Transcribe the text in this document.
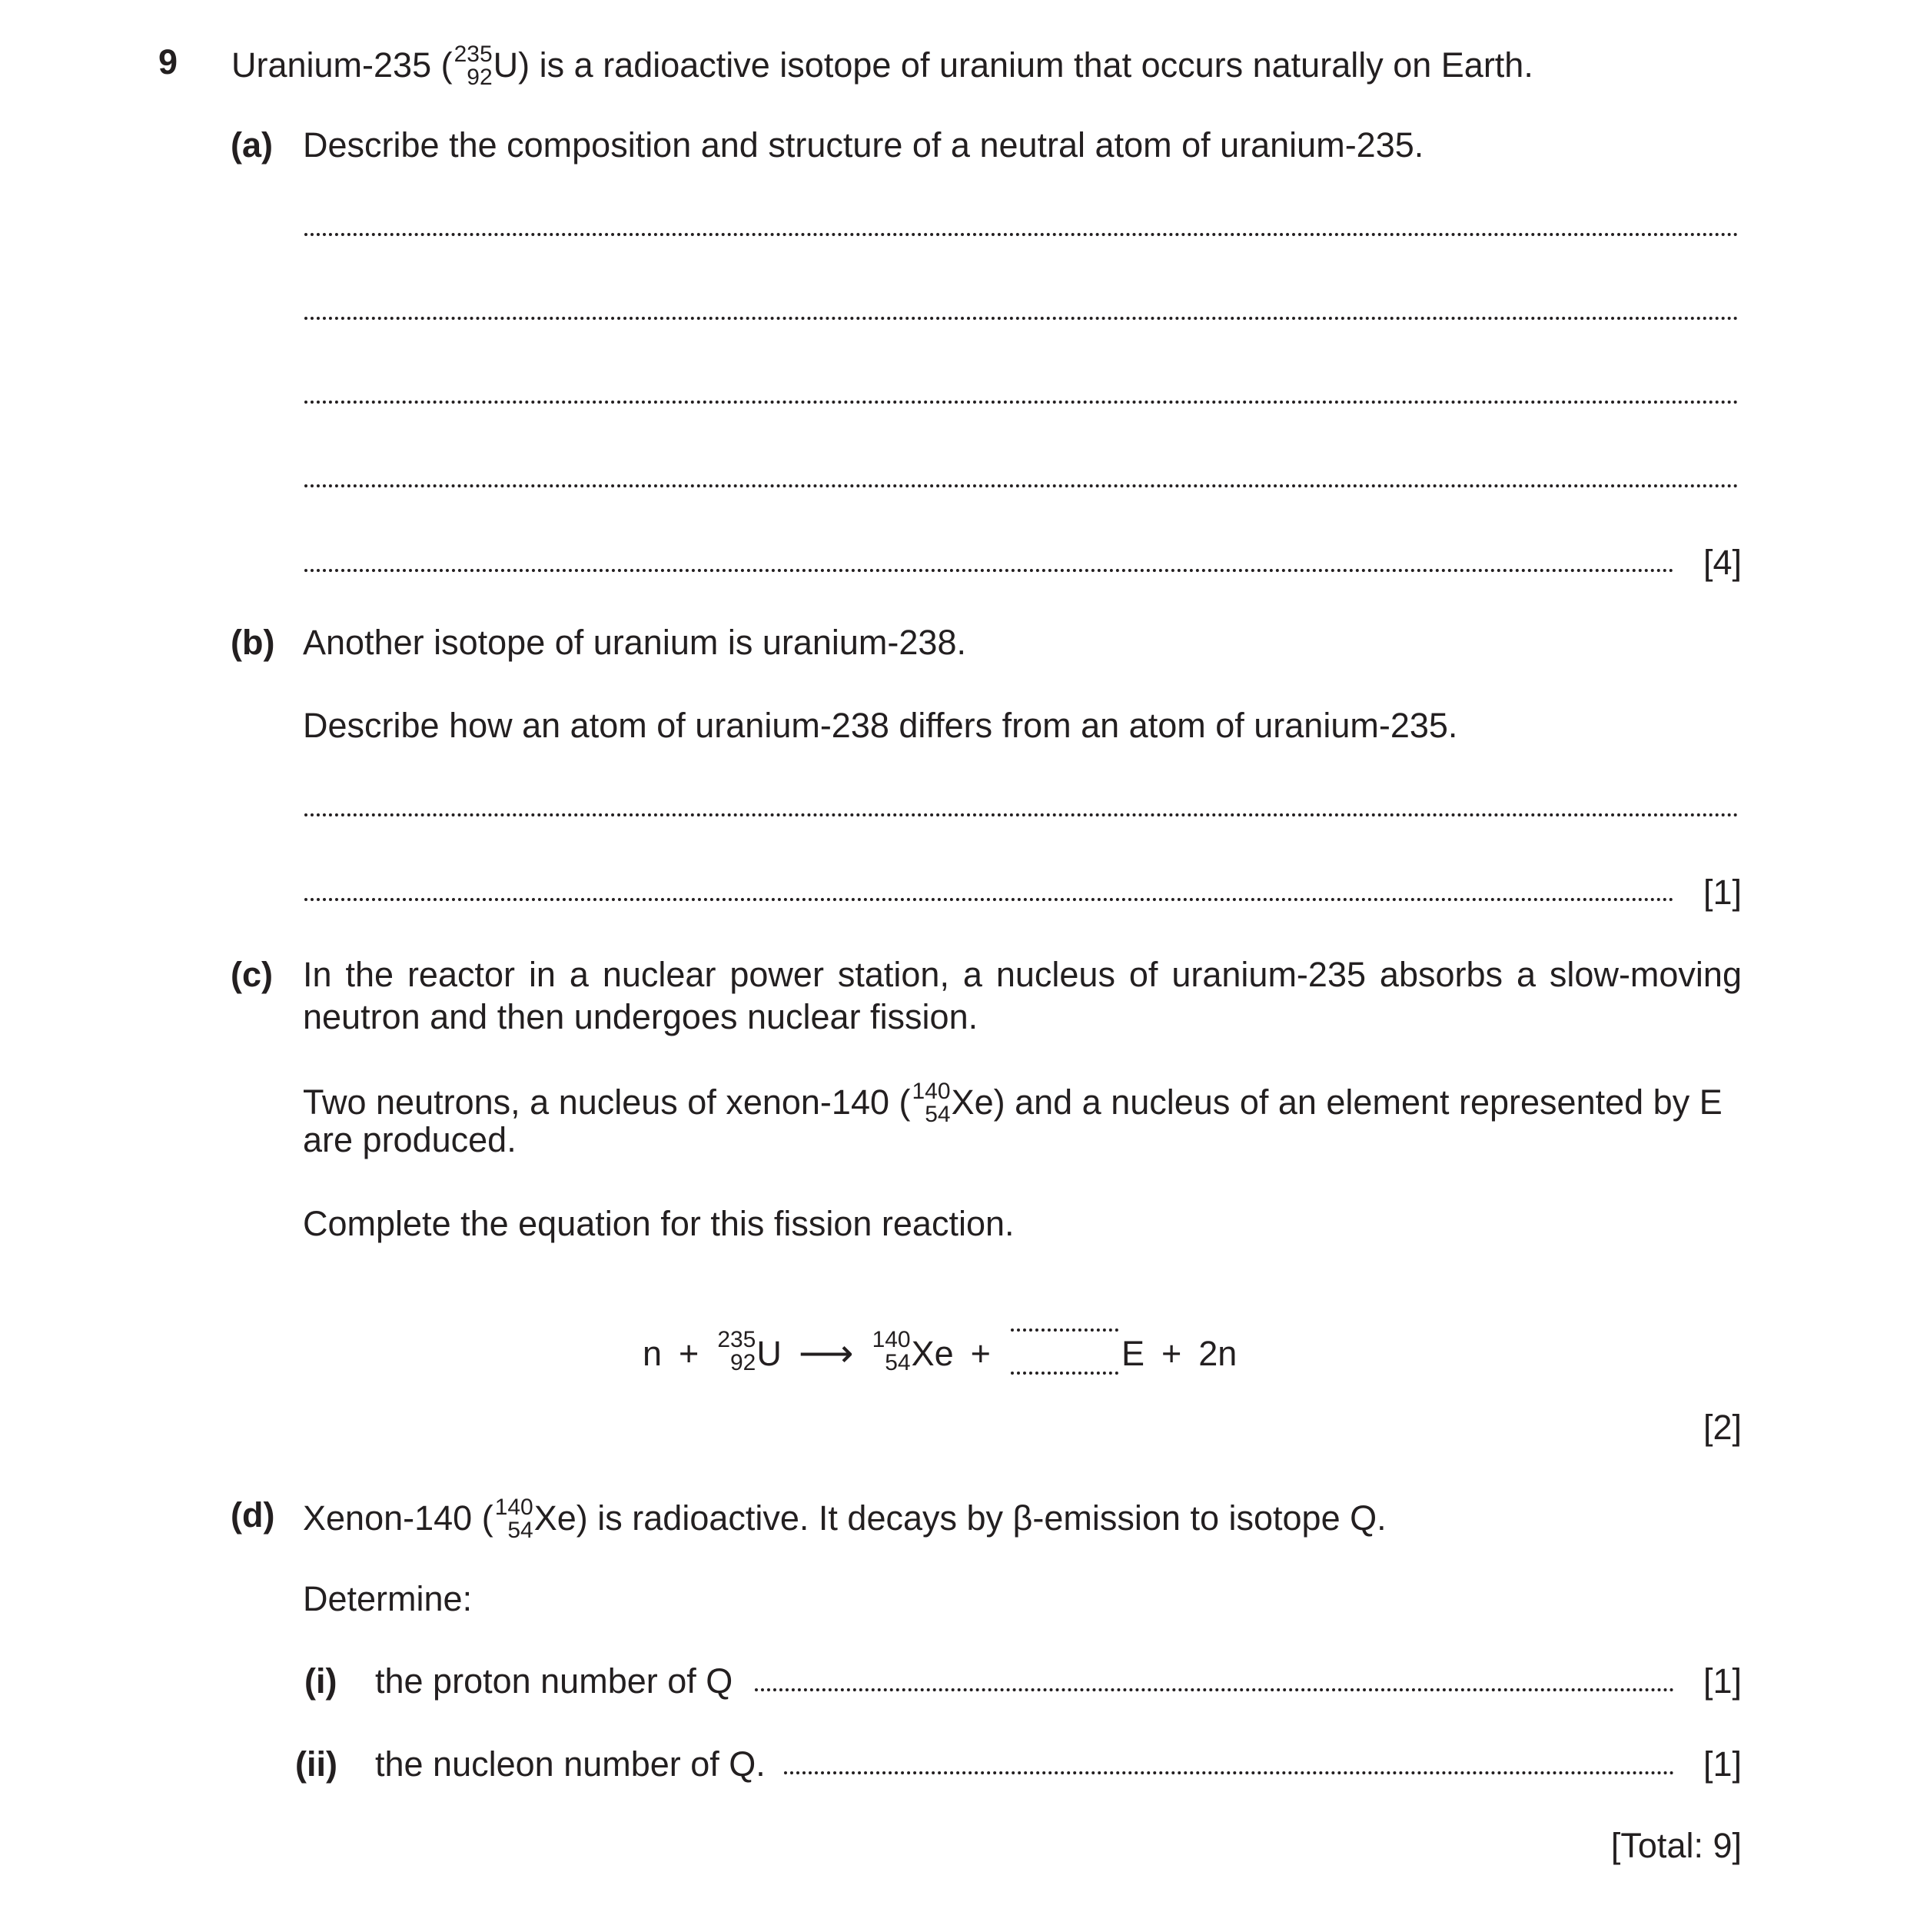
9 Uranium-235 ( 235
92 U) is a radioactive isotope of uranium that occurs naturally on Earth.
(a) Describe the composition and structure of a neutral atom of uranium-235.
[4]
(b) Another isotope of uranium is uranium-238.
Describe how an atom of uranium-238 differs from an atom of uranium-235.
[1]
(c) In the reactor in a nuclear power station, a nucleus of uranium-235 absorbs a slow-moving
neutron and then undergoes nuclear fission.
Two neutrons, a nucleus of xenon-140 ( 140
54 Xe) and a nucleus of an element represented by E
are produced.
Complete the equation for this fission reaction.
n + 235
92 U ⟶ 140
54 Xe +	E + 2n
[2]
(d) Xenon-140 ( 140
54 Xe) is radioactive. It decays by β-emission to isotope Q.
Determine:
(i) the proton number of Q	[1]
(ii) the nucleon number of Q.	[1]
[Total: 9]
